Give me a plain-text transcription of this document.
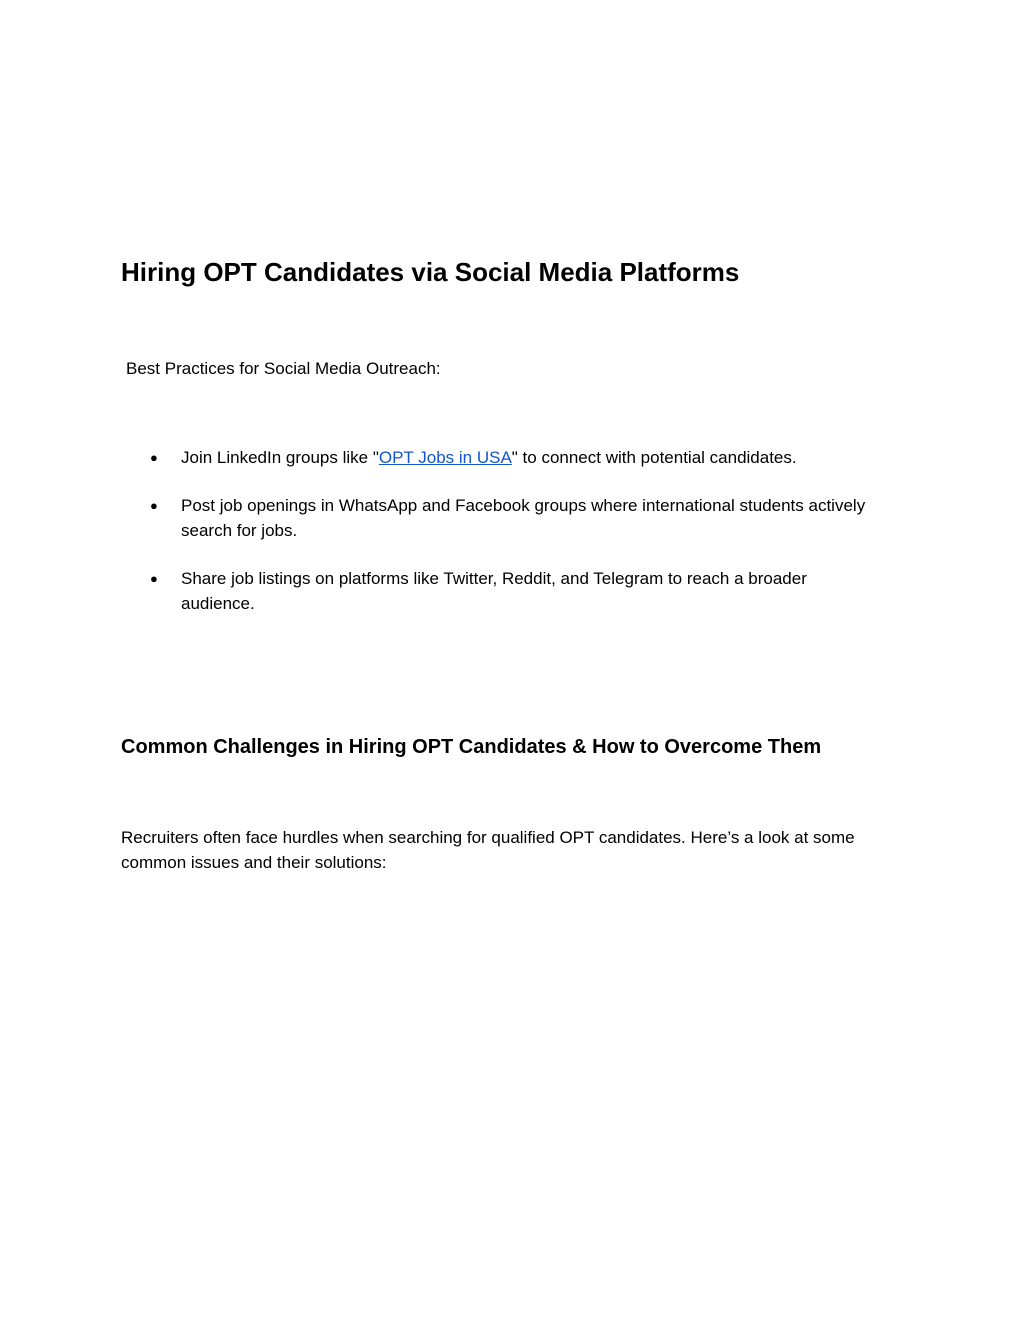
Hiring OPT Candidates via Social Media Platforms

Best Practices for Social Media Outreach:

●	Join LinkedIn groups like "OPT Jobs in USA" to connect with potential candidates.
●	Post job openings in WhatsApp and Facebook groups where international students actively search for jobs.
●	Share job listings on platforms like Twitter, Reddit, and Telegram to reach a broader audience.
Common Challenges in Hiring OPT Candidates & How to Overcome Them

Recruiters often face hurdles when searching for qualified OPT candidates. Here’s a look at some common issues and their solutions:
